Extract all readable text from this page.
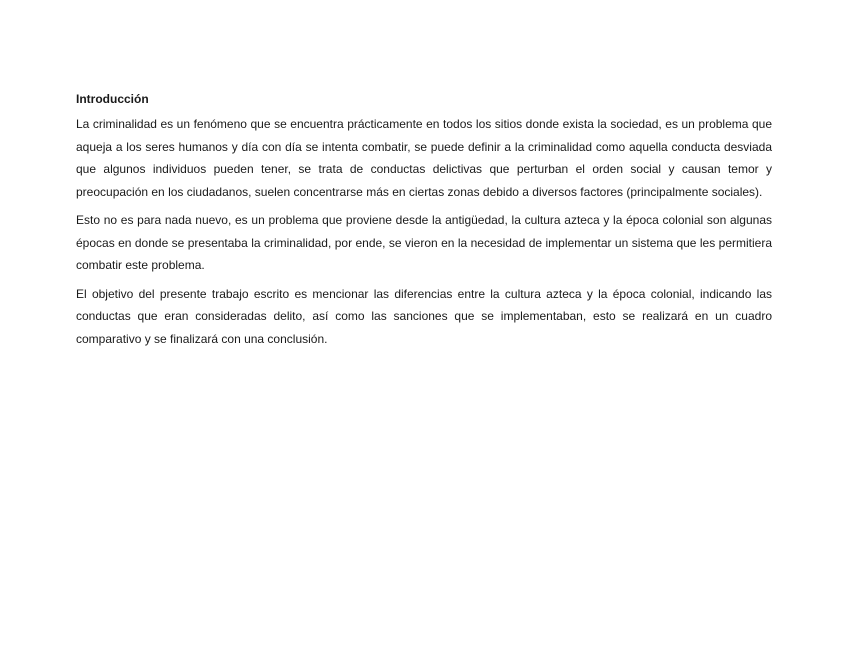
Introducción

La criminalidad es un fenómeno que se encuentra prácticamente en todos los sitios donde exista la sociedad, es un problema que aqueja a los seres humanos y día con día se intenta combatir, se puede definir a la criminalidad como aquella conducta desviada que algunos individuos pueden tener, se trata de conductas delictivas que perturban el orden social y causan temor y preocupación en los ciudadanos, suelen concentrarse más en ciertas zonas debido a diversos factores (principalmente sociales).

Esto no es para nada nuevo, es un problema que proviene desde la antigüedad, la cultura azteca y la época colonial son algunas épocas en donde se presentaba la criminalidad, por ende, se vieron en la necesidad de implementar un sistema que les permitiera combatir este problema.

El objetivo del presente trabajo escrito es mencionar las diferencias entre la cultura azteca y la época colonial, indicando las conductas que eran consideradas delito, así como las sanciones que se implementaban, esto se realizará en un cuadro comparativo y se finalizará con una conclusión.
